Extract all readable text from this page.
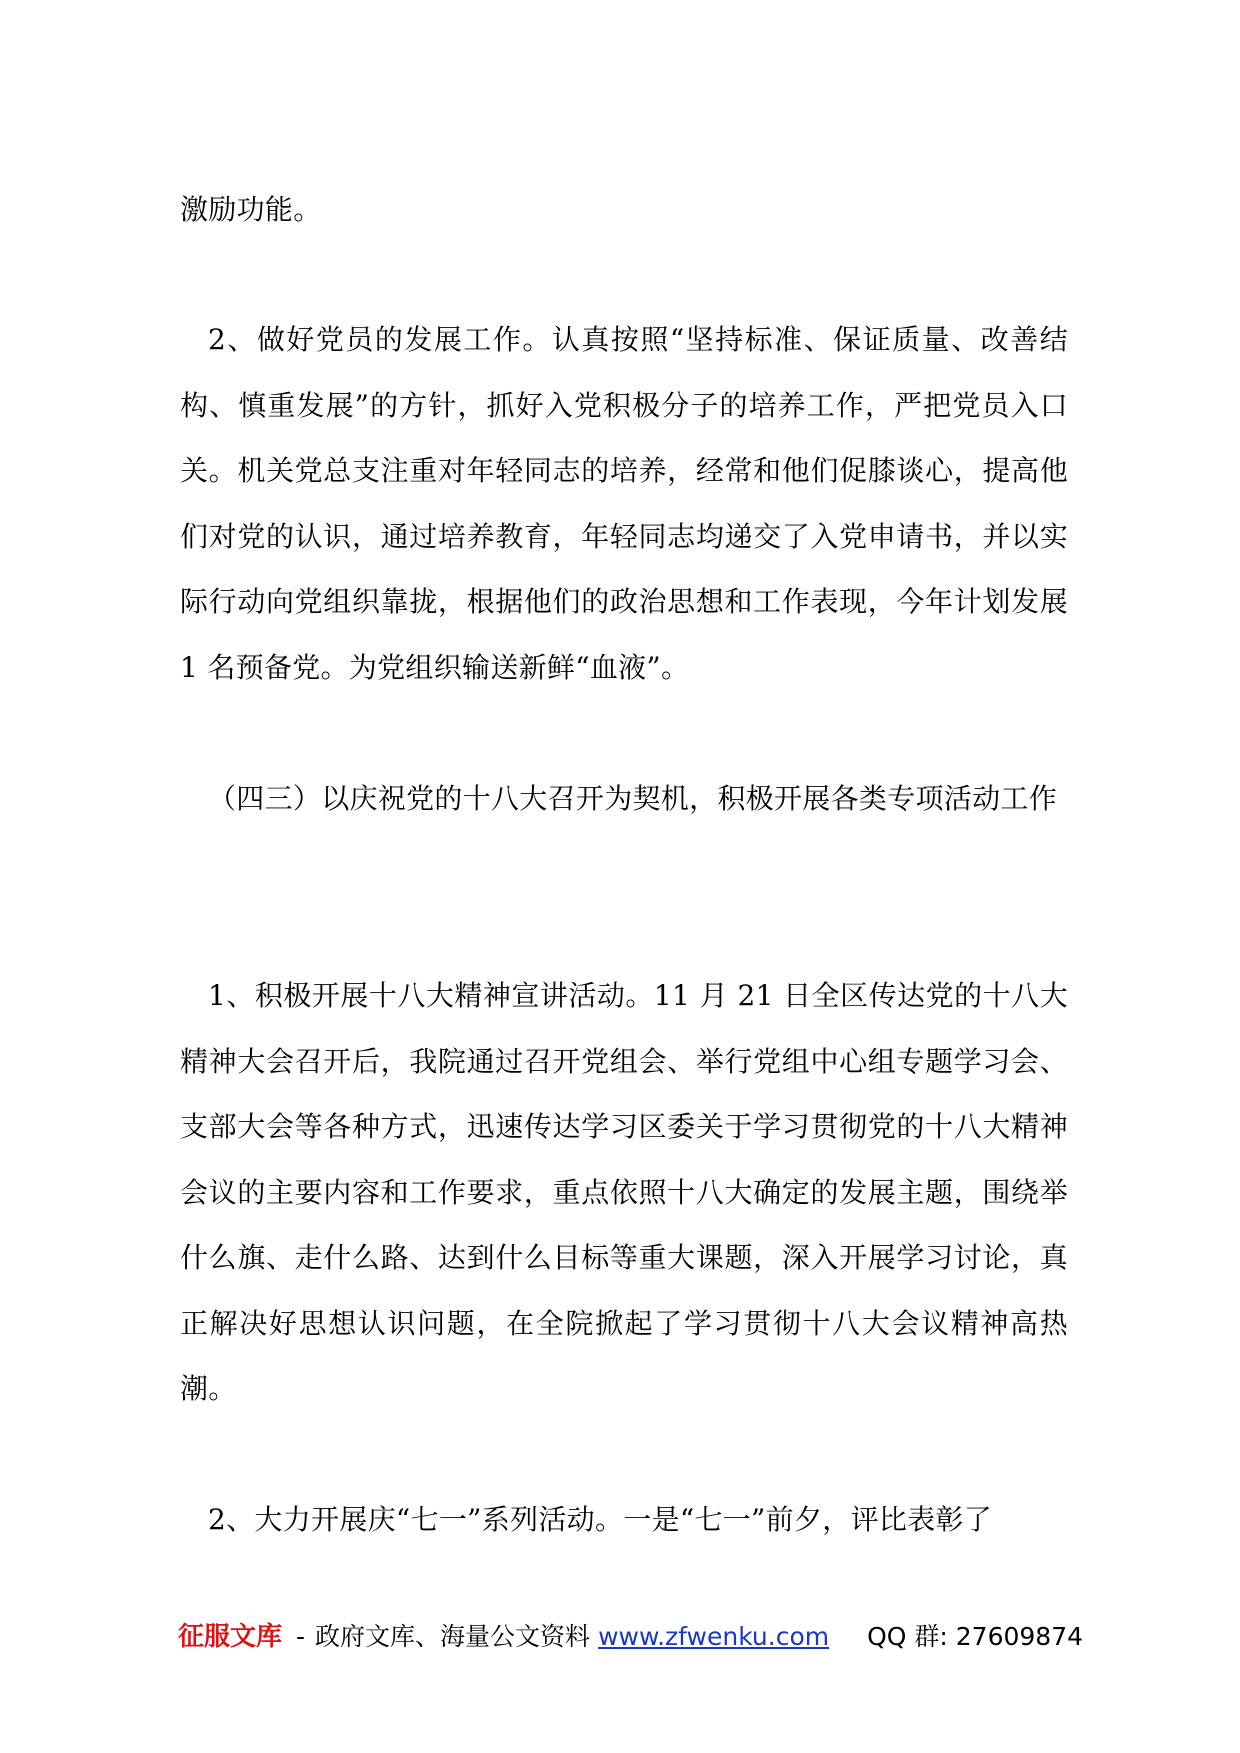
激励功能。

2、做好党员的发展工作。认真按照“坚持标准、保证质量、改善结构、慎重发展”的方针，抓好入党积极分子的培养工作，严把党员入口关。机关党总支注重对年轻同志的培养，经常和他们促膝谈心，提高他们对党的认识，通过培养教育，年轻同志均递交了入党申请书，并以实际行动向党组织靠拢，根据他们的政治思想和工作表现，今年计划发展 1 名预备党。为党组织输送新鲜“血液”。

（四三）以庆祝党的十八大召开为契机，积极开展各类专项活动工作

1、积极开展十八大精神宣讲活动。11 月 21 日全区传达党的十八大精神大会召开后，我院通过召开党组会、举行党组中心组专题学习会、支部大会等各种方式，迅速传达学习区委关于学习贯彻党的十八大精神会议的主要内容和工作要求，重点依照十八大确定的发展主题，围绕举什么旗、走什么路、达到什么目标等重大课题，深入开展学习讨论，真正解决好思想认识问题，在全院掀起了学习贯彻十八大会议精神高热潮。

2、大力开展庆“七一”系列活动。一是“七一”前夕，评比表彰了

征服文库 - 政府文库、海量公文资料 www.zfwenku.com	QQ 群: 27609874
